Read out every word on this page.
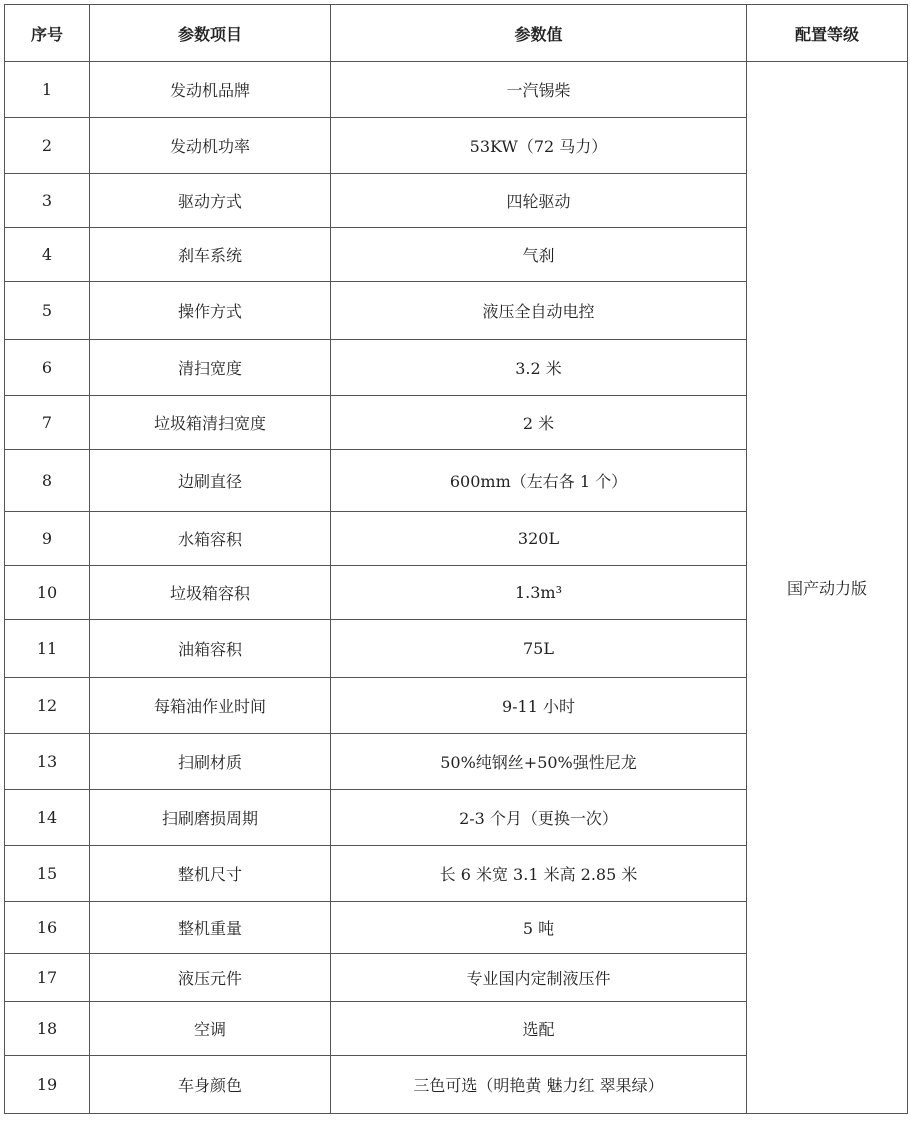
序号	参数项目	参数值	配置等级
1	发动机品牌	一汽锡柴	国产动力版
2	发动机功率	53KW（72 马力）	
3	驱动方式	四轮驱动	
4	刹车系统	气刹	
5	操作方式	液压全自动电控	
6	清扫宽度	3.2 米	
7	垃圾箱清扫宽度	2 米	
8	边刷直径	600mm（左右各 1 个）	
9	水箱容积	320L	
10	垃圾箱容积	1.3m³	
11	油箱容积	75L	
12	每箱油作业时间	9-11 小时	
13	扫刷材质	50%纯钢丝+50%强性尼龙	
14	扫刷磨损周期	2-3 个月（更换一次）	
15	整机尺寸	长 6 米宽 3.1 米高 2.85 米	
16	整机重量	5 吨	
17	液压元件	专业国内定制液压件	
18	空调	选配	
19	车身颜色	三色可选（明艳黄 魅力红 翠果绿）	
